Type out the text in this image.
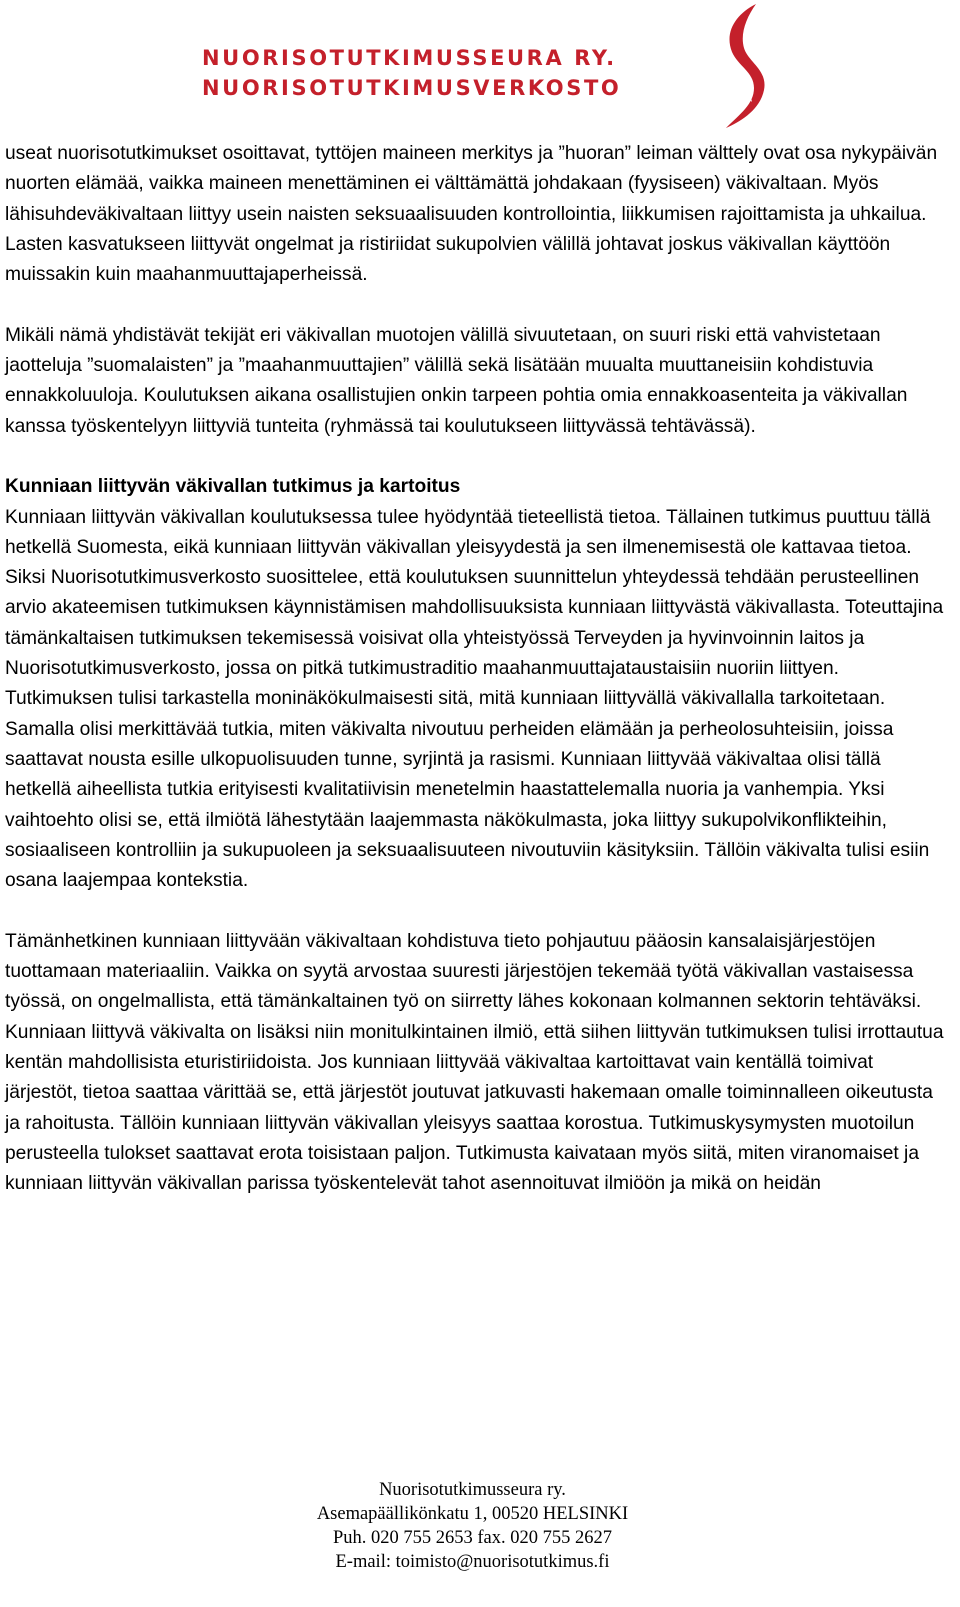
NUORISOTUTKIMUSSEURA RY.
NUORISOTUTKIMUSVERKOSTO

useat nuorisotutkimukset osoittavat, tyttöjen maineen merkitys ja ”huoran” leiman välttely ovat osa nykypäivän nuorten elämää, vaikka maineen menettäminen ei välttämättä johdakaan (fyysiseen) väkivaltaan. Myös lähisuhdeväkivaltaan liittyy usein naisten seksuaalisuuden kontrollointia, liikkumisen rajoittamista ja uhkailua. Lasten kasvatukseen liittyvät ongelmat ja ristiriidat sukupolvien välillä johtavat joskus väkivallan käyttöön muissakin kuin maahanmuuttajaperheissä.

Mikäli nämä yhdistävät tekijät eri väkivallan muotojen välillä sivuutetaan, on suuri riski että vahvistetaan jaotteluja ”suomalaisten” ja ”maahanmuuttajien” välillä sekä lisätään muualta muuttaneisiin kohdistuvia ennakkoluuloja. Koulutuksen aikana osallistujien onkin tarpeen pohtia omia ennakkoasenteita ja väkivallan kanssa työskentelyyn liittyviä tunteita (ryhmässä tai koulutukseen liittyvässä tehtävässä).

Kunniaan liittyvän väkivallan tutkimus ja kartoitus

Kunniaan liittyvän väkivallan koulutuksessa tulee hyödyntää tieteellistä tietoa. Tällainen tutkimus puuttuu tällä hetkellä Suomesta, eikä kunniaan liittyvän väkivallan yleisyydestä ja sen ilmenemisestä ole kattavaa tietoa. Siksi Nuorisotutkimusverkosto suosittelee, että koulutuksen suunnittelun yhteydessä tehdään perusteellinen arvio akateemisen tutkimuksen käynnistämisen mahdollisuuksista kunniaan liittyvästä väkivallasta. Toteuttajina tämänkaltaisen tutkimuksen tekemisessä voisivat olla yhteistyössä Terveyden ja hyvinvoinnin laitos ja Nuorisotutkimusverkosto, jossa on pitkä tutkimustraditio maahanmuuttajataustaisiin nuoriin liittyen. Tutkimuksen tulisi tarkastella moninäkökulmaisesti sitä, mitä kunniaan liittyvällä väkivallalla tarkoitetaan. Samalla olisi merkittävää tutkia, miten väkivalta nivoutuu perheiden elämään ja perheolosuhteisiin, joissa saattavat nousta esille ulkopuolisuuden tunne, syrjintä ja rasismi. Kunniaan liittyvää väkivaltaa olisi tällä hetkellä aiheellista tutkia erityisesti kvalitatiivisin menetelmin haastattelemalla nuoria ja vanhempia. Yksi vaihtoehto olisi se, että ilmiötä lähestytään laajemmasta näkökulmasta, joka liittyy sukupolvikonflikteihin, sosiaaliseen kontrolliin ja sukupuoleen ja seksuaalisuuteen nivoutuviin käsityksiin. Tällöin väkivalta tulisi esiin osana laajempaa kontekstia.

Tämänhetkinen kunniaan liittyvään väkivaltaan kohdistuva tieto pohjautuu pääosin kansalaisjärjestöjen tuottamaan materiaaliin. Vaikka on syytä arvostaa suuresti järjestöjen tekemää työtä väkivallan vastaisessa työssä, on ongelmallista, että tämänkaltainen työ on siirretty lähes kokonaan kolmannen sektorin tehtäväksi. Kunniaan liittyvä väkivalta on lisäksi niin monitulkintainen ilmiö, että siihen liittyvän tutkimuksen tulisi irrottautua kentän mahdollisista eturistiriidoista. Jos kunniaan liittyvää väkivaltaa kartoittavat vain kentällä toimivat järjestöt, tietoa saattaa värittää se, että järjestöt joutuvat jatkuvasti hakemaan omalle toiminnalleen oikeutusta ja rahoitusta. Tällöin kunniaan liittyvän väkivallan yleisyys saattaa korostua. Tutkimuskysymysten muotoilun perusteella tulokset saattavat erota toisistaan paljon. Tutkimusta kaivataan myös siitä, miten viranomaiset ja kunniaan liittyvän väkivallan parissa työskentelevät tahot asennoituvat ilmiöön ja mikä on heidän

Nuorisotutkimusseura ry.

Asemapäällikönkatu 1, 00520 HELSINKI

Puh. 020 755 2653 fax. 020 755 2627

E-mail: toimisto@nuorisotutkimus.fi
